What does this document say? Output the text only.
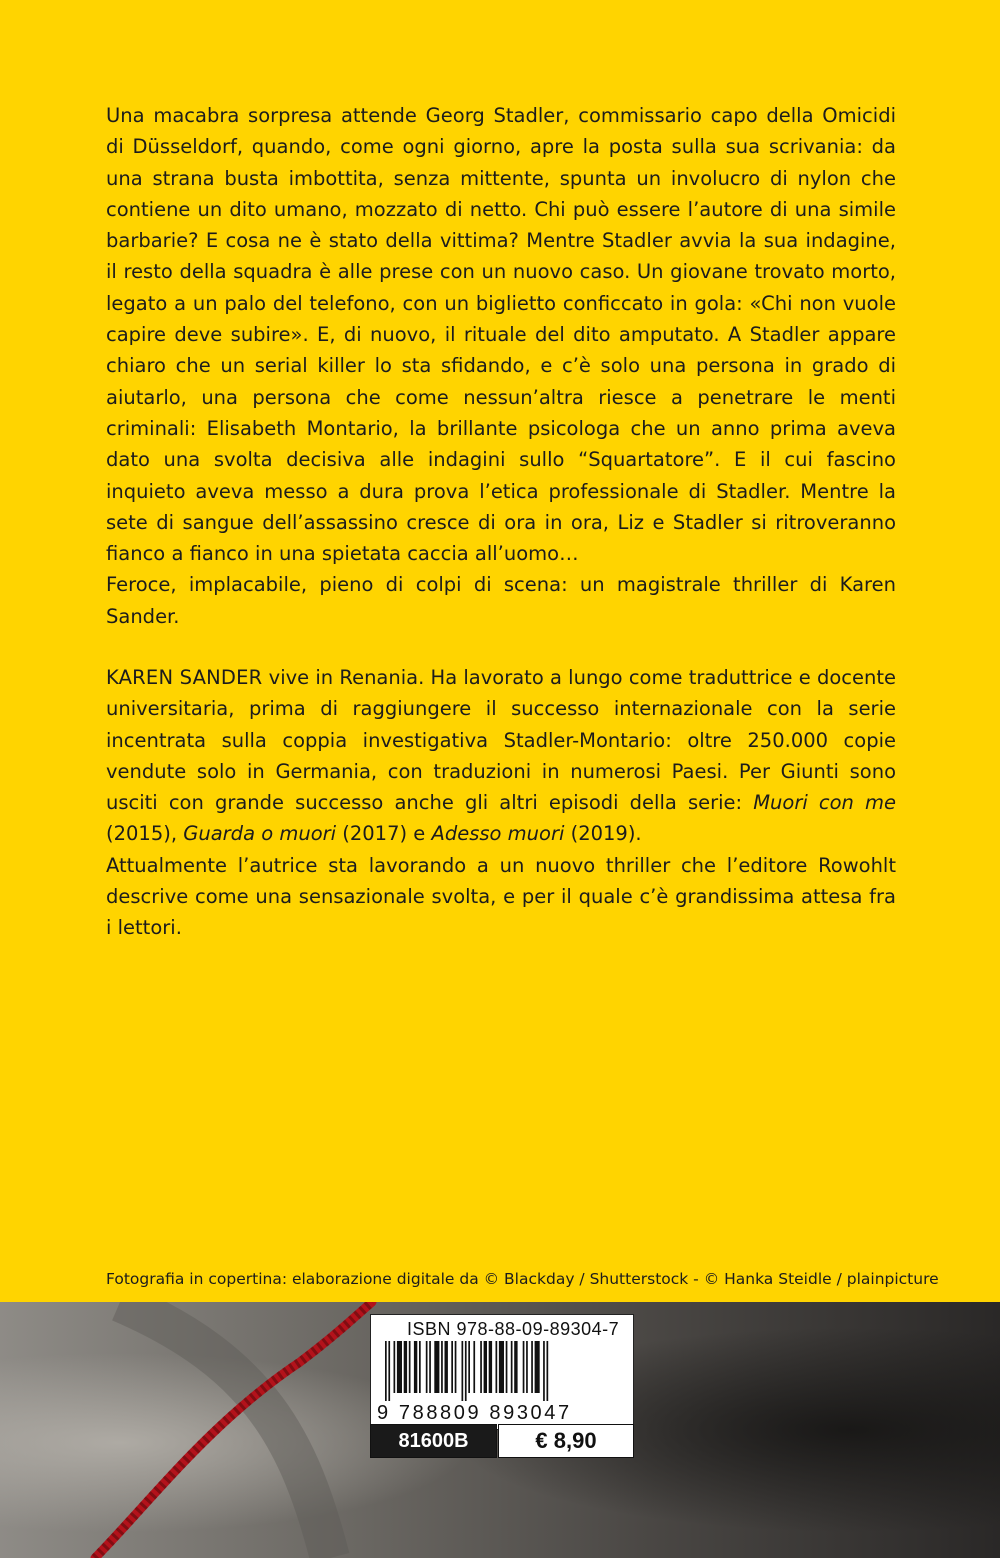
Una macabra sorpresa attende Georg Stadler, commissario capo della Omicidi di Düsseldorf, quando, come ogni giorno, apre la posta sulla sua scrivania: da una strana busta imbottita, senza mittente, spunta un involucro di nylon che contiene un dito umano, mozzato di netto. Chi può essere l’autore di una simile barbarie? E cosa ne è stato della vittima? Mentre Stadler avvia la sua indagine, il resto della squadra è alle prese con un nuovo caso. Un giovane trovato morto, legato a un palo del telefono, con un biglietto conficcato in gola: «Chi non vuole capire deve subire». E, di nuovo, il rituale del dito amputato. A Stadler appare chiaro che un serial killer lo sta sfidando, e c’è solo una persona in grado di aiutarlo, una persona che come nessun’altra riesce a penetrare le menti criminali: Elisabeth Montario, la brillante psicologa che un anno prima aveva dato una svolta decisiva alle indagini sullo “Squartatore”. E il cui fascino inquieto aveva messo a dura prova l’etica professionale di Stadler. Mentre la sete di sangue dell’assassino cresce di ora in ora, Liz e Stadler si ritroveranno fianco a fianco in una spietata caccia all’uomo…
Feroce, implacabile, pieno di colpi di scena: un magistrale thriller di Karen Sander.

KAREN SANDER vive in Renania. Ha lavorato a lungo come traduttrice e docente universitaria, prima di raggiungere il successo internazionale con la serie incentrata sulla coppia investigativa Stadler-Montario: oltre 250.000 copie vendute solo in Germania, con traduzioni in numerosi Paesi. Per Giunti sono usciti con grande successo anche gli altri episodi della serie: Muori con me (2015), Guarda o muori (2017) e Adesso muori (2019).
Attualmente l’autrice sta lavorando a un nuovo thriller che l’editore Rowohlt descrive come una sensazionale svolta, e per il quale c’è grandissima attesa fra i lettori.

Fotografia in copertina: elaborazione digitale da © Blackday / Shutterstock - © Hanka Steidle / plainpicture
ISBN 978-88-09-89304-7
9 788809 893047
81600B	€ 8,90
